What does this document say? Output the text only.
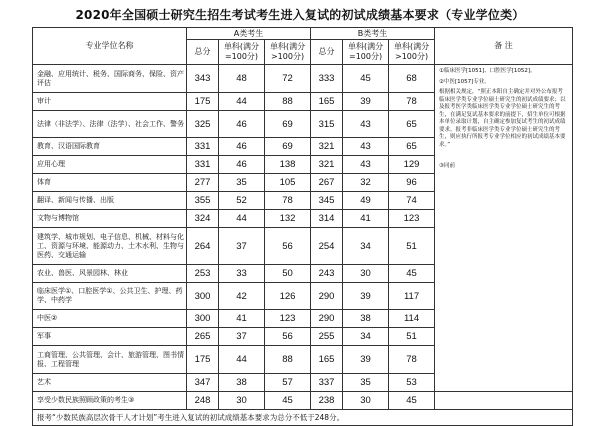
2020年全国硕士研究生招生考试考生进入复试的初试成绩基本要求（专业学位类）
专业学位名称	A类考生			B类考生			备 注
	总分	单科(满分=100分)	单科(满分>100分)	总分	单科(满分=100分)	单科(满分>100分)	
金融、应用统计、税务、国际商务、保险、资产评估	343	48	72	333	45	68	①临床医学[1051]、口腔医学[1052]。

②中医[1057]专业。

根据相关规定，“照正本阳自主确定并对外公布报考临床医学类专业学位硕士研究生的初试成绩要求；以及报考医学类临床医学类专业学位硕士研究生的考生，在满足复试基本要求的前提下，招生单位可根据本单位录取计划，自主确定参加复试考生的初试成绩要求。报考非临床医学类专业学位硕士研究生的考生，则应执行所报考专业学位相应的初试成绩基本要求。”

③同前

审计	175	44	88	165	39	78	
法律（非法学）、法律（法学）、社会工作、警务	325	46	69	315	43	65	
教育、汉语国际教育	331	46	69	321	43	65	
应用心理	331	46	138	321	43	129	
体育	277	35	105	267	32	96	
翻译、新闻与传播、出版	355	52	78	345	49	74	
文物与博物馆	324	44	132	314	41	123	
建筑学、城市规划、电子信息、机械、材料与化工、资源与环境、能源动力、土木水利、生物与医药、交通运输	264	37	56	254	34	51	
农业、兽医、风景园林、林业	253	33	50	243	30	45	
临床医学①、口腔医学①、公共卫生、护理、药学、中药学	300	42	126	290	39	117	
中医②	300	41	123	290	38	114	
军事	265	37	56	255	34	51	
工商管理、公共管理、会计、旅游管理、图书情报、工程管理	175	44	88	165	39	78	
艺术	347	38	57	337	35	53	
享受少数民族照顾政策的考生③	248	30	45	238	30	45	
报考“少数民族高层次骨干人才计划”考生进入复试的初试成绩基本要求为总分不低于248分。							
